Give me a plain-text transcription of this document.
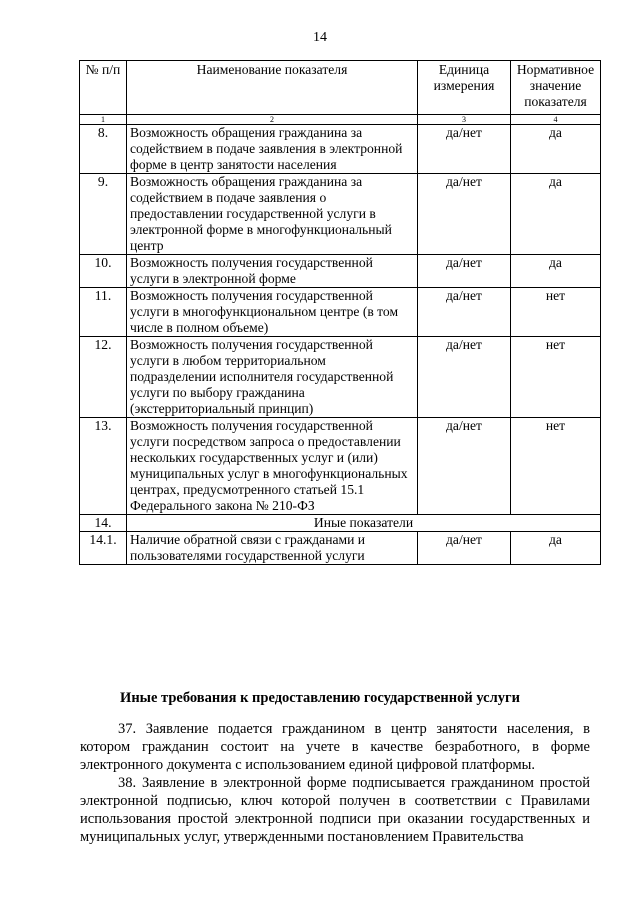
14
№ п/п	Наименование показателя	Единица измерения	Нормативное значение показателя
1	2	3	4
8.	Возможность обращения гражданина за содействием в подаче заявления в электронной форме в центр занятости населения	да/нет	да
9.	Возможность обращения гражданина за содействием в подаче заявления о предоставлении государственной услуги в электронной форме в многофункциональный центр	да/нет	да
10.	Возможность получения государственной услуги в электронной форме	да/нет	да
11.	Возможность получения государственной услуги в многофункциональном центре (в том числе в полном объеме)	да/нет	нет
12.	Возможность получения государственной услуги в любом территориальном подразделении исполнителя государственной услуги по выбору гражданина (экстерриториальный принцип)	да/нет	нет
13.	Возможность получения государственной услуги посредством запроса о предоставлении нескольких государственных услуг и (или) муниципальных услуг в многофункциональных центрах, предусмотренного статьей 15.1 Федерального закона № 210-ФЗ	да/нет	нет
14.	Иные показатели		
14.1.	Наличие обратной связи с гражданами и пользователями государственной услуги	да/нет	да
Иные требования к предоставлению государственной услуги

37. Заявление подается гражданином в центр занятости населения, в котором гражданин состоит на учете в качестве безработного, в форме электронного документа с использованием единой цифровой платформы.

38. Заявление в электронной форме подписывается гражданином простой электронной подписью, ключ которой получен в соответствии с Правилами использования простой электронной подписи при оказании государственных и муниципальных услуг, утвержденными постановлением Правительства
